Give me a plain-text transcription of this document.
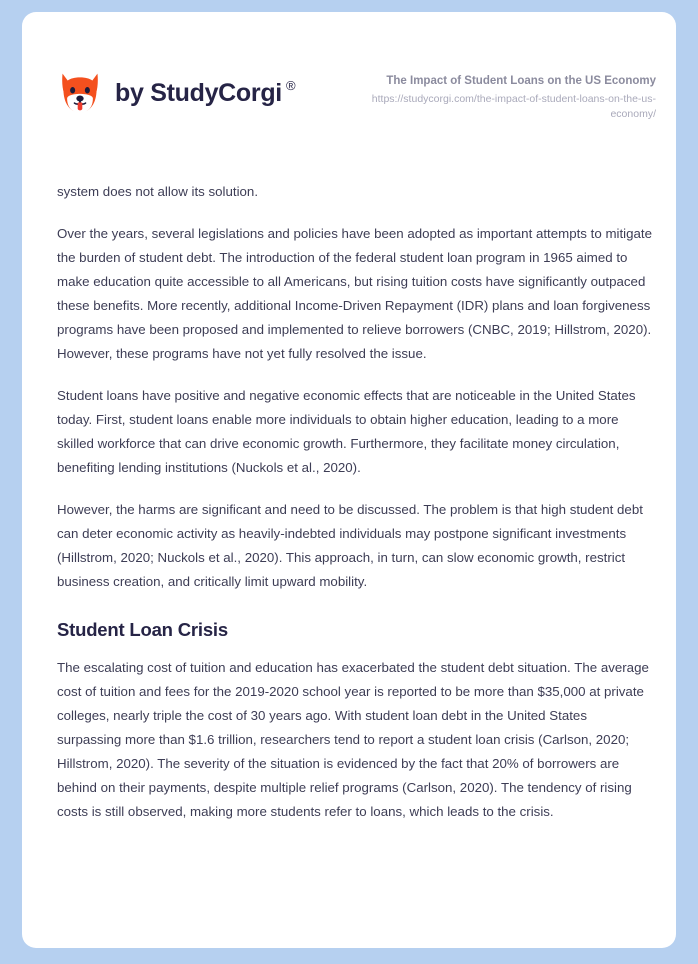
by StudyCorgi ®	The Impact of Student Loans on the US Economy
https://studycorgi.com/the-impact-of-student-loans-on-the-us-economy/

system does not allow its solution.

Over the years, several legislations and policies have been adopted as important attempts to mitigate the burden of student debt. The introduction of the federal student loan program in 1965 aimed to make education quite accessible to all Americans, but rising tuition costs have significantly outpaced these benefits. More recently, additional Income-Driven Repayment (IDR) plans and loan forgiveness programs have been proposed and implemented to relieve borrowers (CNBC, 2019; Hillstrom, 2020). However, these programs have not yet fully resolved the issue.

Student loans have positive and negative economic effects that are noticeable in the United States today. First, student loans enable more individuals to obtain higher education, leading to a more skilled workforce that can drive economic growth. Furthermore, they facilitate money circulation, benefiting lending institutions (Nuckols et al., 2020).

However, the harms are significant and need to be discussed. The problem is that high student debt can deter economic activity as heavily-indebted individuals may postpone significant investments (Hillstrom, 2020; Nuckols et al., 2020). This approach, in turn, can slow economic growth, restrict business creation, and critically limit upward mobility.

Student Loan Crisis

The escalating cost of tuition and education has exacerbated the student debt situation. The average cost of tuition and fees for the 2019-2020 school year is reported to be more than $35,000 at private colleges, nearly triple the cost of 30 years ago. With student loan debt in the United States surpassing more than $1.6 trillion, researchers tend to report a student loan crisis (Carlson, 2020; Hillstrom, 2020). The severity of the situation is evidenced by the fact that 20% of borrowers are behind on their payments, despite multiple relief programs (Carlson, 2020). The tendency of rising costs is still observed, making more students refer to loans, which leads to the crisis.
